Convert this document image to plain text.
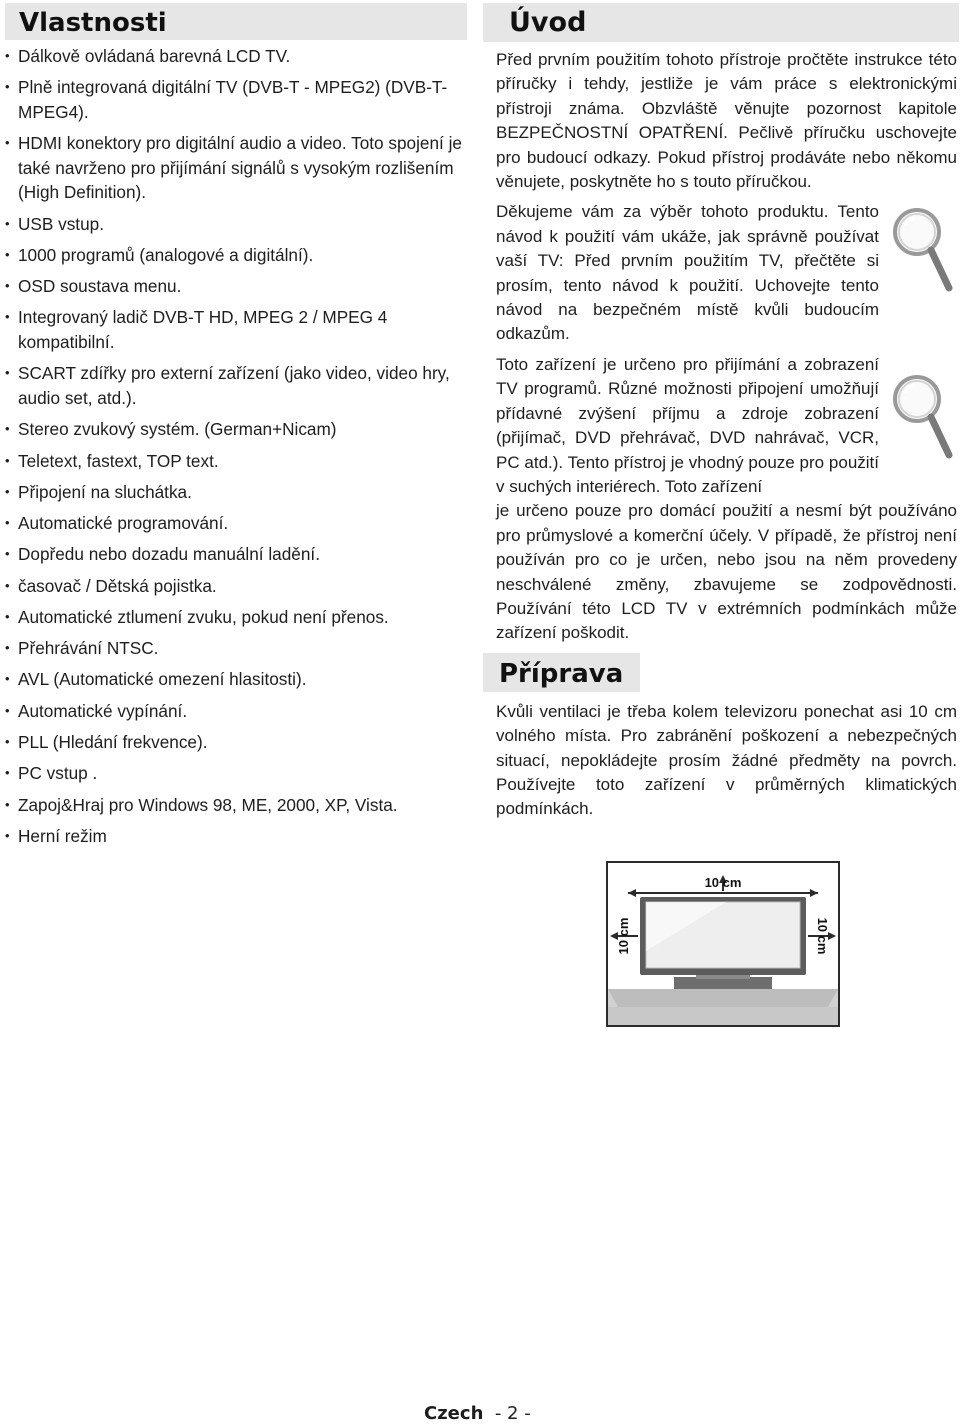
Vlastnosti
• Dálkově ovládaná barevná LCD TV.
• Plně integrovaná digitální TV (DVB-T - MPEG2) (DVB-T- MPEG4).
• HDMI konektory pro digitální audio a video. Toto spojení je také navrženo pro přijímání signálů s vysokým rozlišením (High Definition).
• USB vstup.
• 1000 programů (analogové a digitální).
• OSD soustava menu.
• Integrovaný ladič DVB-T HD, MPEG 2 / MPEG 4 kompatibilní.
• SCART zdířky pro externí zařízení (jako video, video hry, audio set, atd.).
• Stereo zvukový systém. (German+Nicam)
• Teletext, fastext, TOP text.
• Připojení na sluchátka.
• Automatické programování.
• Dopředu nebo dozadu manuální ladění.
• časovač / Dětská pojistka.
• Automatické ztlumení zvuku, pokud není přenos.
• Přehrávání NTSC.
• AVL (Automatické omezení hlasitosti).
• Automatické vypínání.
• PLL (Hledání frekvence).
• PC vstup .
• Zapoj&Hraj pro Windows 98, ME, 2000, XP, Vista.
• Herní režim
Úvod

Před prvním použitím tohoto přístroje pročtěte instrukce této příručky i tehdy, jestliže je vám práce s elektronickými přístroji známa. Obzvláště věnujte pozornost kapitole BEZPEČNOSTNÍ OPATŘENÍ. Pečlivě příručku uschovejte pro budoucí odkazy. Pokud přístroj prodáváte nebo někomu věnujete, poskytněte ho s touto příručkou.

Děkujeme vám za výběr tohoto produktu. Tento návod k použití vám ukáže, jak správně používat vaší TV: Před prvním použitím TV, přečtěte si prosím, tento návod k použití. Uchovejte tento návod na bezpečném místě kvůli budoucím odkazům.

Toto zařízení je určeno pro přijímání a zobrazení TV programů. Různé možnosti připojení umožňují přídavné zvýšení příjmu a zdroje zobrazení (přijímač, DVD přehrávač, DVD nahrávač, VCR, PC atd.). Tento přístroj je vhodný pouze pro použití v suchých interiérech. Toto zařízení

je určeno pouze pro domácí použití a nesmí být používáno pro průmyslové a komerční účely. V případě, že přístroj není používán pro co je určen, nebo jsou na něm provedeny neschválené změny, zbavujeme se zodpovědnosti. Používání této LCD TV v extrémních podmínkách může zařízení poškodit.

Příprava

Kvůli ventilaci je třeba kolem televizoru ponechat asi 10 cm volného místa. Pro zabránění poškození a nebezpečných situací, nepokládejte prosím žádné předměty na povrch. Používejte toto zařízení v průměrných klimatických podmínkách.

10 cm
10 cm	10 cm
Czech - 2 -
